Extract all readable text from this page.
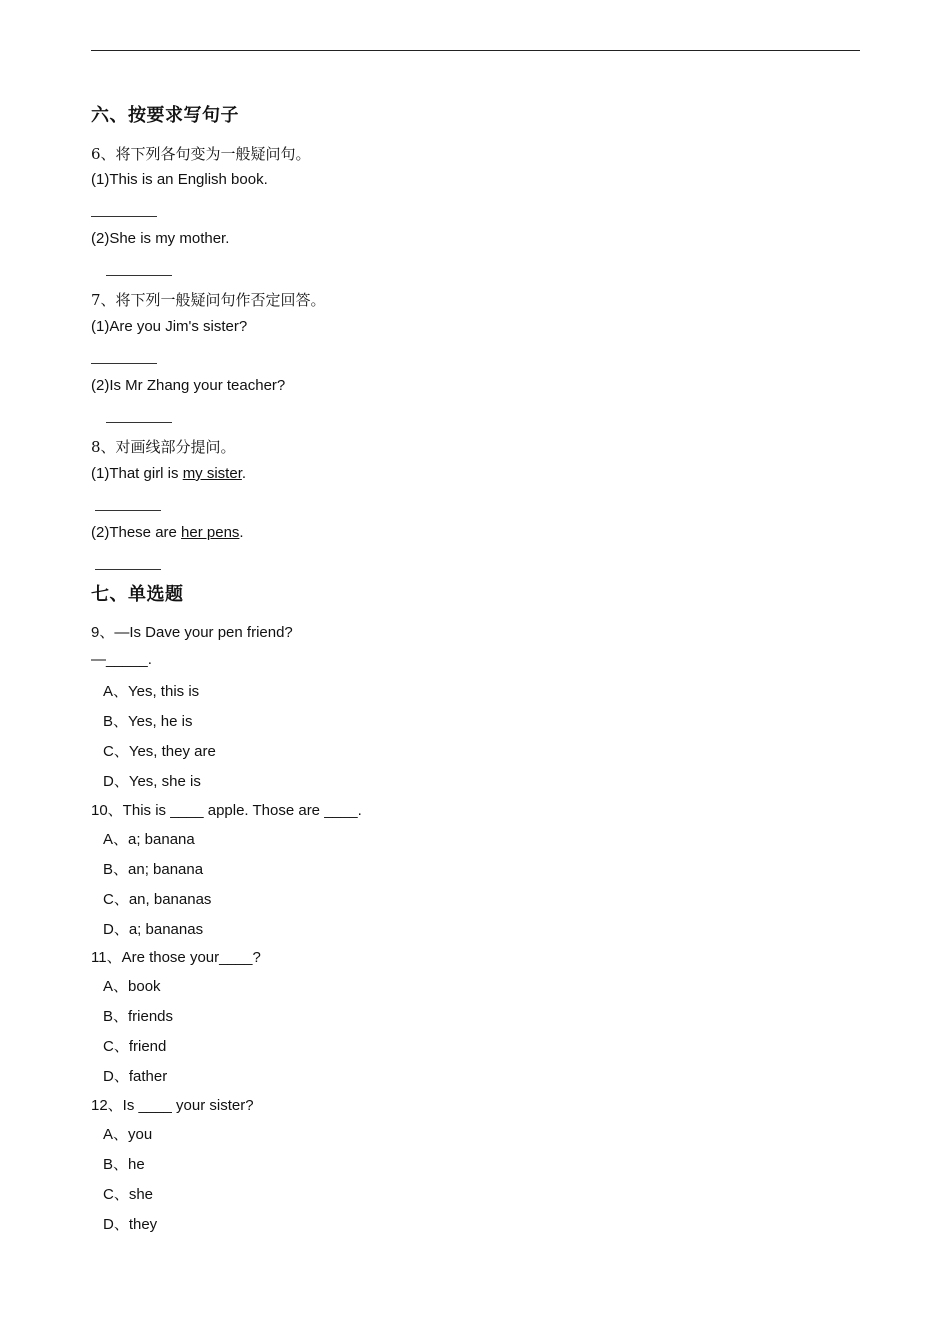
六、按要求写句子
6、将下列各句变为一般疑问句。
(1)This is an English book.
(2)She is my mother.
7、将下列一般疑问句作否定回答。
(1)Are you Jim's sister?
(2)Is Mr Zhang your teacher?
8、对画线部分提问。
(1)That girl is my sister.
(2)These are her pens.
七、单选题
9、—Is Dave your pen friend?
—_____.
A、Yes, this is
B、Yes, he is
C、Yes, they are
D、Yes, she is
10、This is ____ apple. Those are ____.
A、a; banana
B、an; banana
C、an, bananas
D、a; bananas
11、Are those your____?
A、book
B、friends
C、friend
D、father
12、Is ____ your sister?
A、you
B、he
C、she
D、they
